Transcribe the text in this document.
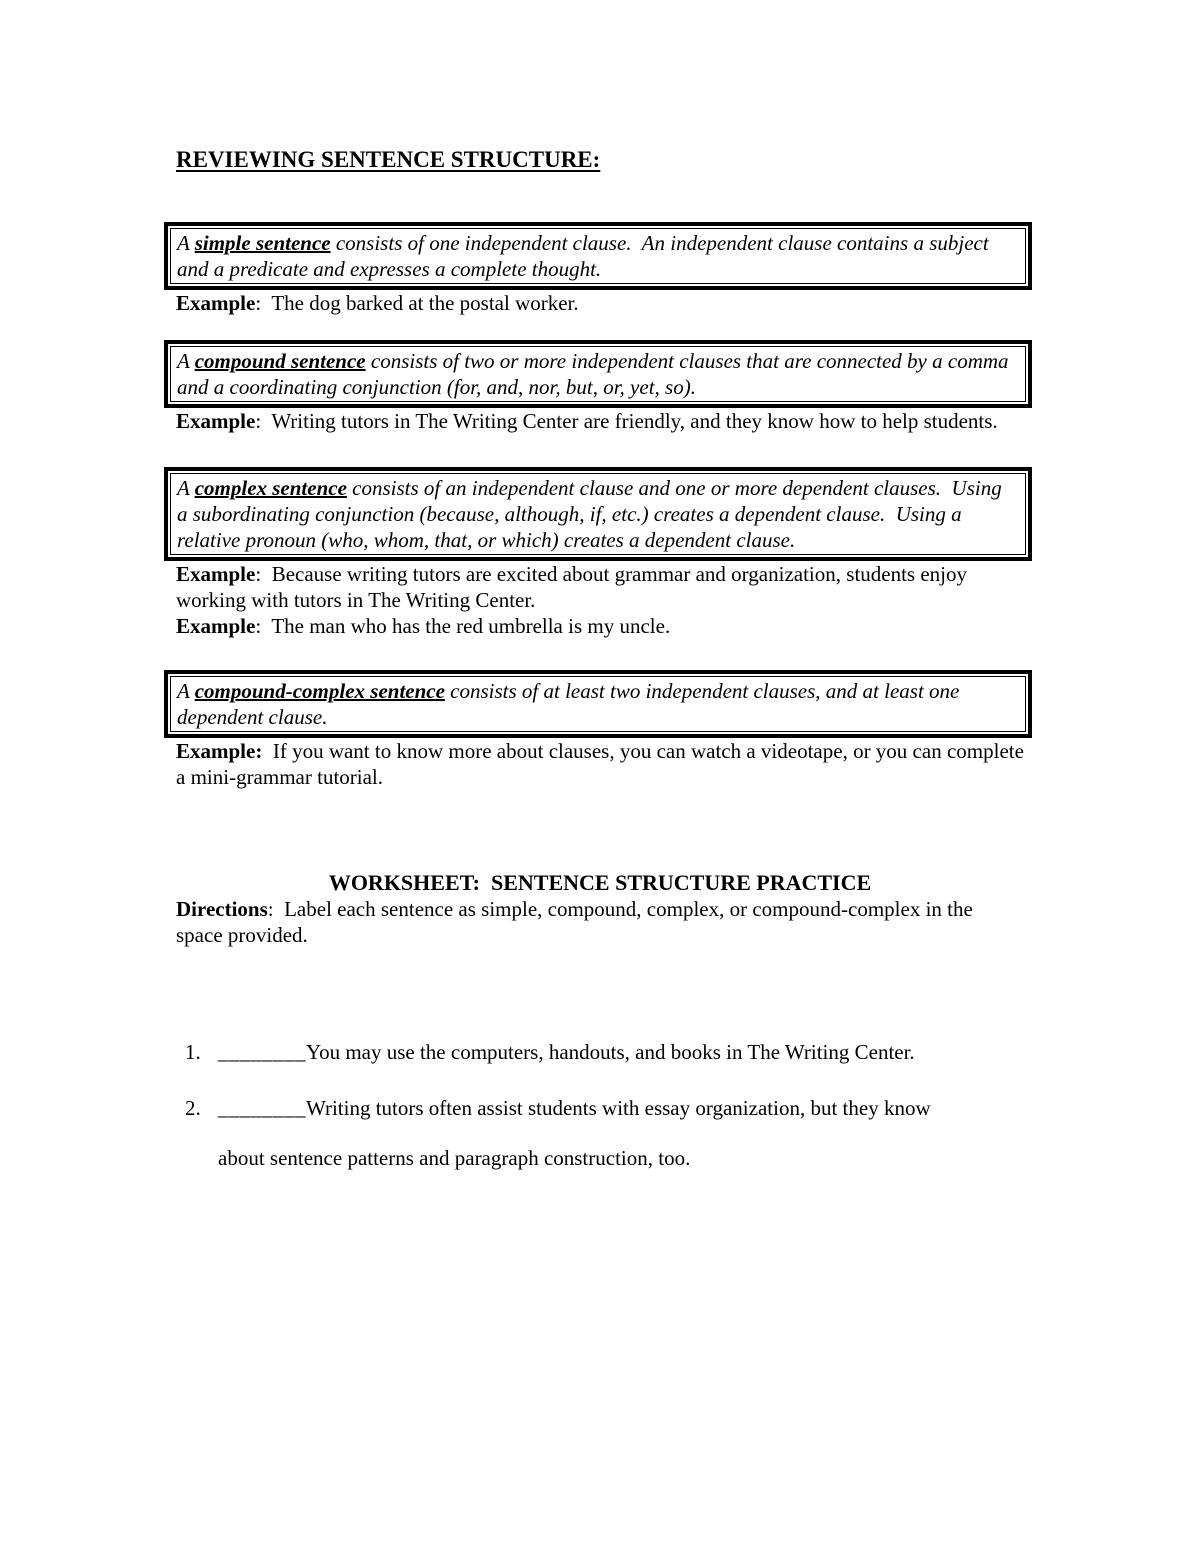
REVIEWING SENTENCE STRUCTURE:
A simple sentence consists of one independent clause.  An independent clause contains a subject and a predicate and expresses a complete thought.

Example:  The dog barked at the postal worker.

A compound sentence consists of two or more independent clauses that are connected by a comma and a coordinating conjunction (for, and, nor, but, or, yet, so).

Example:  Writing tutors in The Writing Center are friendly, and they know how to help students.

A complex sentence consists of an independent clause and one or more dependent clauses.  Using a subordinating conjunction (because, although, if, etc.) creates a dependent clause.  Using a relative pronoun (who, whom, that, or which) creates a dependent clause.

Example:  Because writing tutors are excited about grammar and organization, students enjoy working with tutors in The Writing Center.

Example:  The man who has the red umbrella is my uncle.

A compound-complex sentence consists of at least two independent clauses, and at least one dependent clause.

Example: If you want to know more about clauses, you can watch a videotape, or you can complete a mini-grammar tutorial.

WORKSHEET:  SENTENCE STRUCTURE PRACTICE

Directions:  Label each sentence as simple, compound, complex, or compound-complex in the space provided.

1. ________You may use the computers, handouts, and books in The Writing Center.
2. ________Writing tutors often assist students with essay organization, but they know
about sentence patterns and paragraph construction, too.
